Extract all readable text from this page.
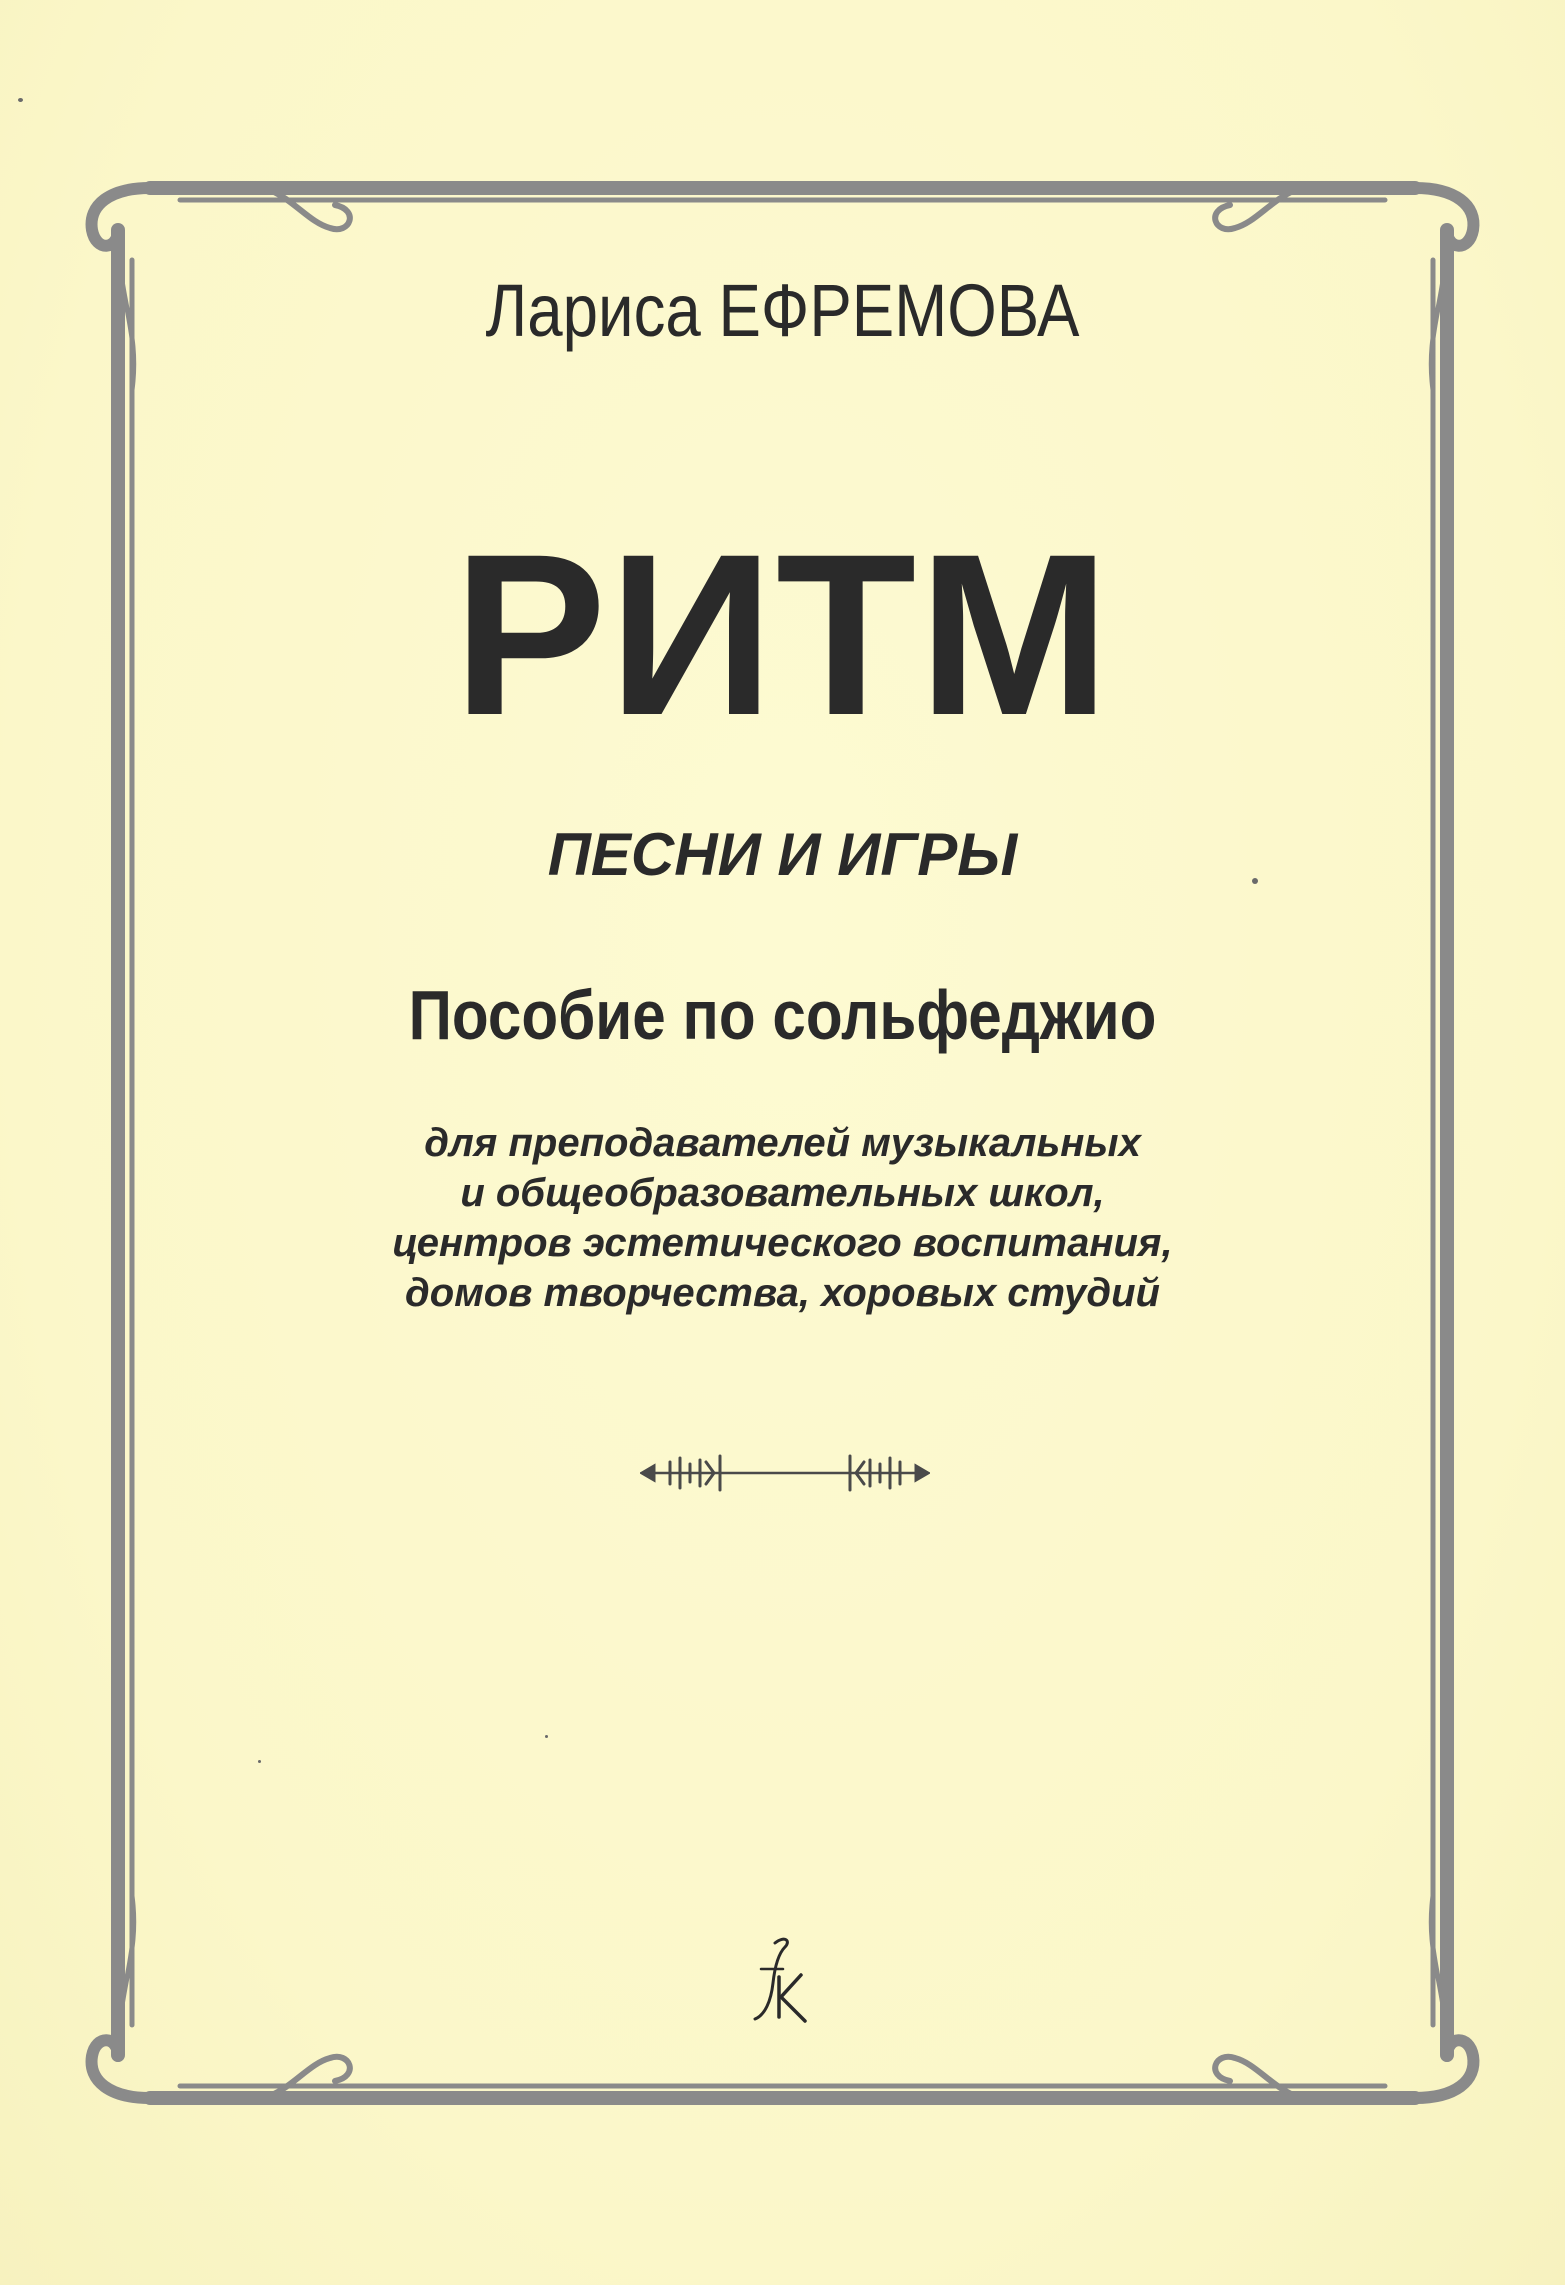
Лариса ЕФРЕМОВА
РИТМ
ПЕСНИ И ИГРЫ
Пособие по сольфеджио
для преподавателей музыкальных
и общеобразовательных школ,
центров эстетического воспитания,
домов творчества, хоровых студий
